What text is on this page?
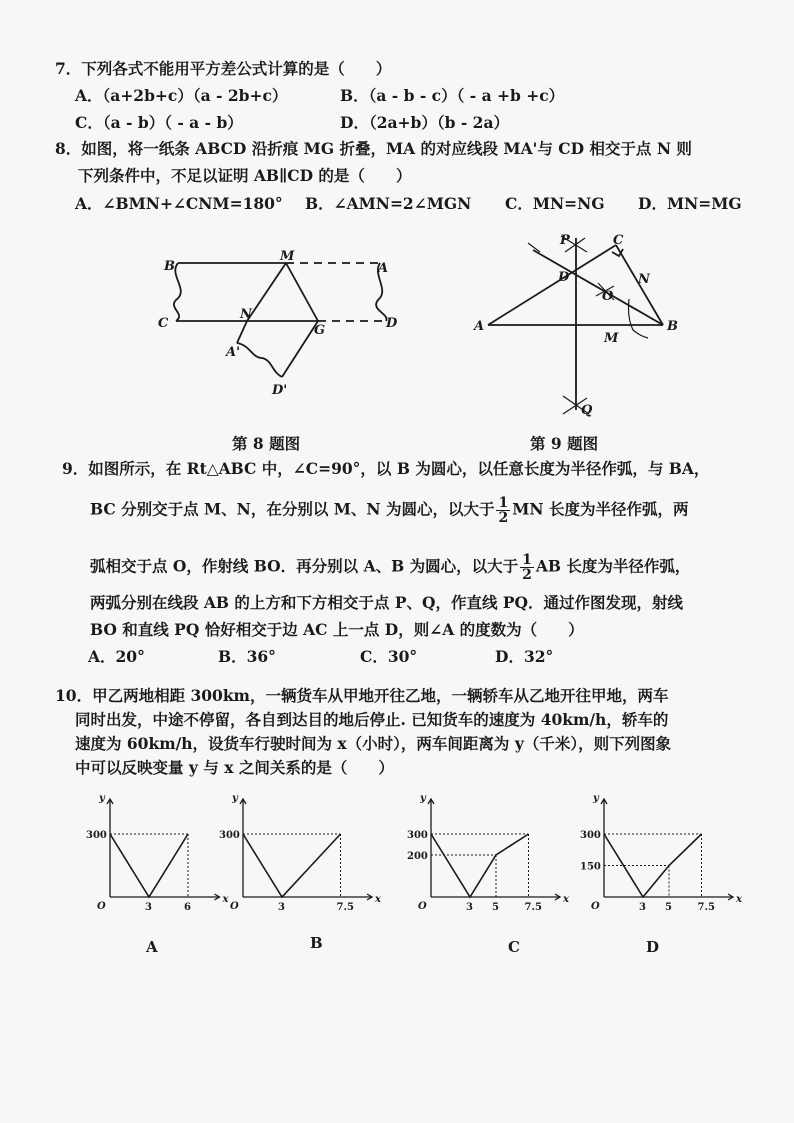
7．下列各式不能用平方差公式计算的是（　　）
A．（a+2b+c）（a - 2b+c）	B．（a - b - c）（ - a +b +c）
C．（a - b）（ - a - b）	D．（2a+b）（b - 2a）
8．如图，将一纸条 ABCD 沿折痕 MG 折叠，MA 的对应线段 MA'与 CD 相交于点 N 则
下列条件中，不足以证明 AB∥CD 的是（　　）
A．∠BMN+∠CNM=180° B．∠AMN=2∠MGN C．MN=NG D．MN=MG
B
M
A
C
N
G	D
A'
D'
P	C
D	N
O
A	B
M
Q
第 8 题图	第 9 题图
9．如图所示，在 Rt△ABC 中，∠C=90°，以 B 为圆心，以任意长度为半径作弧，与 BA，
BC 分别交于点 M、N，在分别以 M、N 为圆心，以大于 $\frac{1}{2}$ MN 长度为半径作弧，两
弧相交于点 O，作射线 BO．再分别以 A、B 为圆心，以大于 $\frac{1}{2}$ AB 长度为半径作弧，
两弧分别在线段 AB 的上方和下方相交于点 P、Q，作直线 PQ．通过作图发现，射线
BO 和直线 PQ 恰好相交于边 AC 上一点 D，则∠A 的度数为（　　）
A．20°	B．36°	C．30°	D．32°
10．甲乙两地相距 300km，一辆货车从甲地开往乙地，一辆轿车从乙地开往甲地，两车
同时出发，中途不停留，各自到达目的地后停止. 已知货车的速度为 40km/h，轿车的
速度为 60km/h，设货车行驶时间为 x（小时），两车间距离为 y（千米），则下列图象
中可以反映变量 y 与 x 之间关系的是（　　）
x
y
O
300
3	6
x
y
O
300
3	7.5
x
y
O
300
200
3 5	7.5
x
y
O
300
150
3 5	7.5
A	B	C	D
